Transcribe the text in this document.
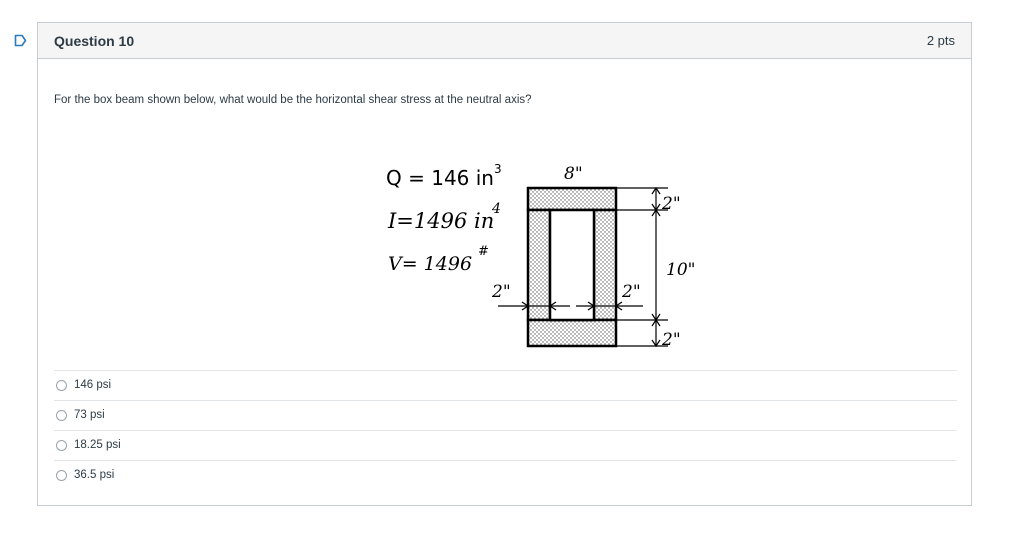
Question 10	2 pts
For the box beam shown below, what would be the horizontal shear stress at the neutral axis?
Q = 146 in 3
I=1496 in
4
V= 1496
#
8"
2"
10"
2"
2"	2"
146 psi
73 psi
18.25 psi
36.5 psi
